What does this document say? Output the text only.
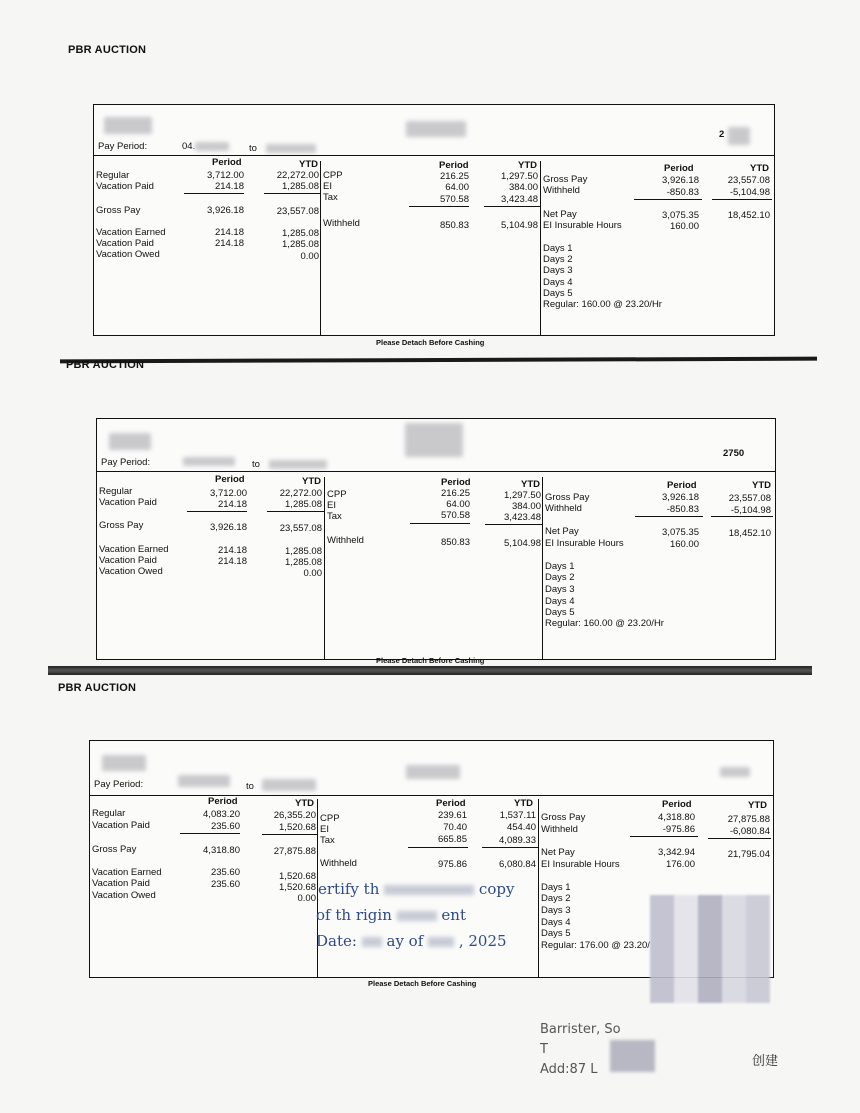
PBR AUCTION
Pay Period:	04.	to
2
Period	YTD
Regular	3,712.00	22,272.00
Vacation Paid	214.18	1,285.08
Gross Pay	3,926.18	23,557.08
Vacation Earned	214.18	1,285.08
Vacation Paid	214.18	1,285.08
Vacation Owed	0.00
Period	YTD
CPP	216.25	1,297.50
EI	64.00	384.00
Tax	570.58	3,423.48
Withheld	850.83	5,104.98
Period	YTD
Gross Pay	3,926.18	23,557.08
Withheld	-850.83	-5,104.98
Net Pay	3,075.35	18,452.10
EI Insurable Hours	160.00
Days 1
Days 2
Days 3
Days 4
Days 5
Regular: 160.00 @ 23.20/Hr
Please Detach Before Cashing
PBR AUCTION
Pay Period:	to
2750
Period	YTD
Regular	3,712.00	22,272.00
Vacation Paid	214.18	1,285.08
Gross Pay	3,926.18	23,557.08
Vacation Earned	214.18	1,285.08
Vacation Paid	214.18	1,285.08
Vacation Owed	0.00
Period	YTD
CPP	216.25	1,297.50
EI	64.00	384.00
Tax	570.58	3,423.48
Withheld	850.83	5,104.98
Period	YTD
Gross Pay	3,926.18	23,557.08
Withheld	-850.83	-5,104.98
Net Pay	3,075.35	18,452.10
EI Insurable Hours	160.00
Days 1
Days 2
Days 3
Days 4
Days 5
Regular: 160.00 @ 23.20/Hr
Please Detach Before Cashing
PBR AUCTION
Pay Period:	to
Period	YTD
Regular	4,083.20	26,355.20
Vacation Paid	235.60	1,520.68
Gross Pay	4,318.80	27,875.88
Vacation Earned	235.60	1,520.68
Vacation Paid	235.60	1,520.68
Vacation Owed	0.00
Period	YTD
CPP	239.61	1,537.11
EI	70.40	454.40
Tax	665.85	4,089.33
Withheld	975.86	6,080.84
Period	YTD
Gross Pay	4,318.80	27,875.88
Withheld	-975.86	-6,080.84
Net Pay	3,342.94	21,795.04
EI Insurable Hours	176.00
Days 1
Days 2
Days 3
Days 4
Days 5
Regular: 176.00 @ 23.20/
Please Detach Before Cashing
ertify th	copy
of th rigin	ent
Date: ay of , 2025
Barrister, So
T
Add:87 L
创建
